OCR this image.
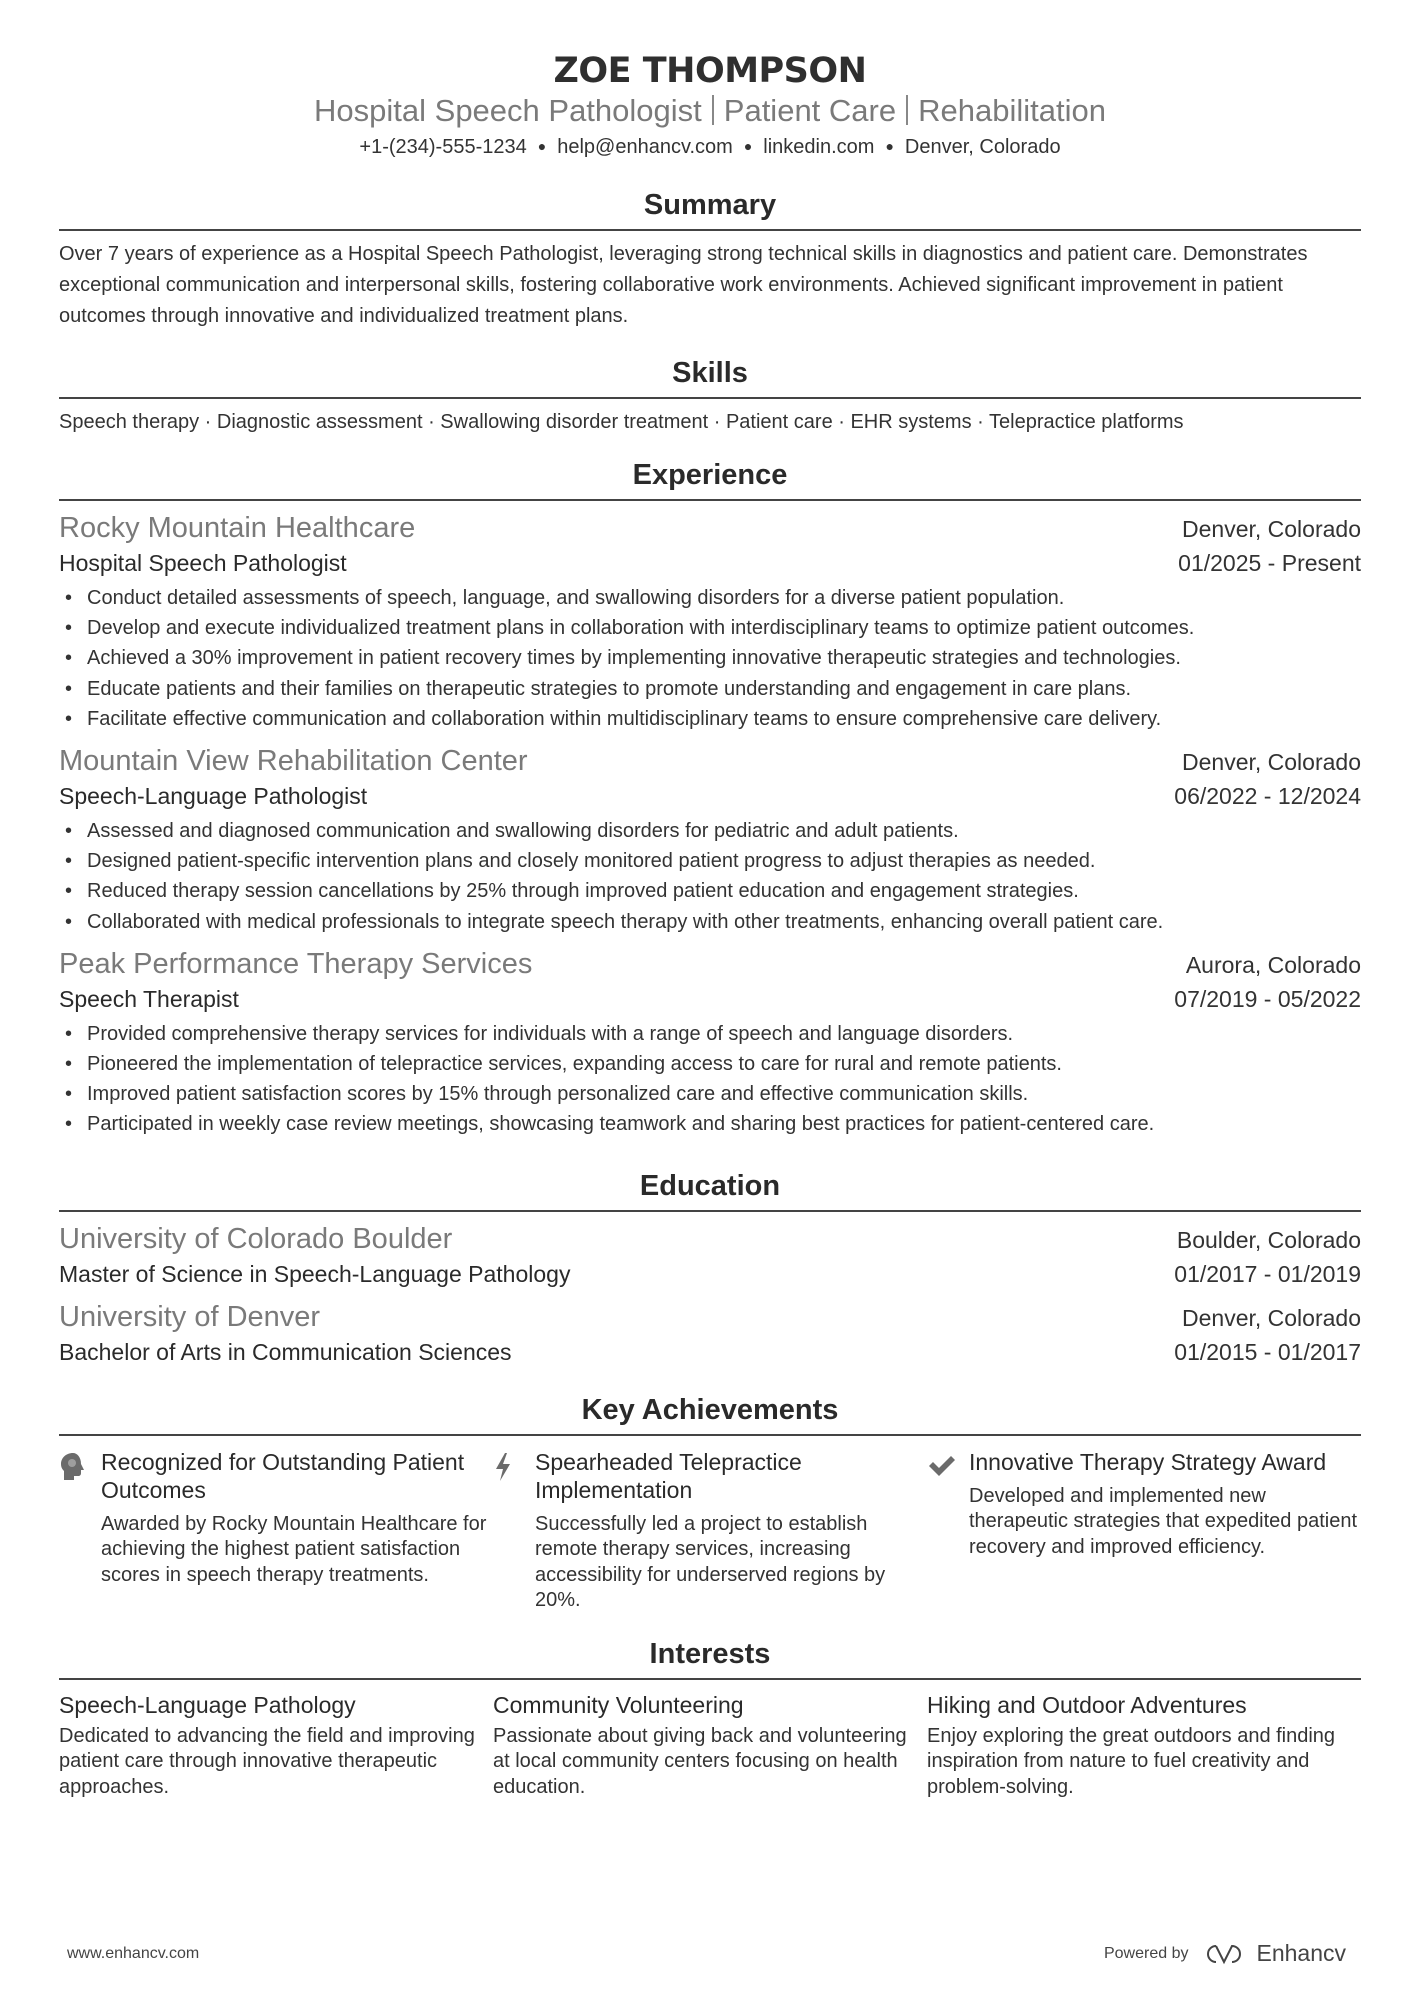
ZOE THOMPSON
Hospital Speech Pathologist Patient Care Rehabilitation
+1-(234)-555-1234 ● help@enhancv.com ● linkedin.com ● Denver, Colorado
Summary

Over 7 years of experience as a Hospital Speech Pathologist, leveraging strong technical skills in diagnostics and patient care. Demonstrates exceptional communication and interpersonal skills, fostering collaborative work environments. Achieved significant improvement in patient outcomes through innovative and individualized treatment plans.

Skills

Speech therapy · Diagnostic assessment · Swallowing disorder treatment · Patient care · EHR systems · Telepractice platforms

Experience
Rocky Mountain Healthcare	Denver, Colorado
Hospital Speech Pathologist	01/2025 - Present
• Conduct detailed assessments of speech, language, and swallowing disorders for a diverse patient population.
• Develop and execute individualized treatment plans in collaboration with interdisciplinary teams to optimize patient outcomes.
• Achieved a 30% improvement in patient recovery times by implementing innovative therapeutic strategies and technologies.
• Educate patients and their families on therapeutic strategies to promote understanding and engagement in care plans.
• Facilitate effective communication and collaboration within multidisciplinary teams to ensure comprehensive care delivery.
Mountain View Rehabilitation Center	Denver, Colorado
Speech-Language Pathologist	06/2022 - 12/2024
• Assessed and diagnosed communication and swallowing disorders for pediatric and adult patients.
• Designed patient-specific intervention plans and closely monitored patient progress to adjust therapies as needed.
• Reduced therapy session cancellations by 25% through improved patient education and engagement strategies.
• Collaborated with medical professionals to integrate speech therapy with other treatments, enhancing overall patient care.
Peak Performance Therapy Services	Aurora, Colorado
Speech Therapist	07/2019 - 05/2022
• Provided comprehensive therapy services for individuals with a range of speech and language disorders.
• Pioneered the implementation of telepractice services, expanding access to care for rural and remote patients.
• Improved patient satisfaction scores by 15% through personalized care and effective communication skills.
• Participated in weekly case review meetings, showcasing teamwork and sharing best practices for patient-centered care.
Education
University of Colorado Boulder	Boulder, Colorado
Master of Science in Speech-Language Pathology	01/2017 - 01/2019
University of Denver	Denver, Colorado
Bachelor of Arts in Communication Sciences	01/2015 - 01/2017
Key Achievements
Recognized for Outstanding Patient Outcomes
Awarded by Rocky Mountain Healthcare for achieving the highest patient satisfaction scores in speech therapy treatments.
Spearheaded Telepractice Implementation
Successfully led a project to establish remote therapy services, increasing accessibility for underserved regions by 20%.
Innovative Therapy Strategy Award
Developed and implemented new therapeutic strategies that expedited patient recovery and improved efficiency.
Interests
Speech-Language Pathology
Dedicated to advancing the field and improving patient care through innovative therapeutic approaches.
Community Volunteering
Passionate about giving back and volunteering at local community centers focusing on health education.
Hiking and Outdoor Adventures
Enjoy exploring the great outdoors and finding inspiration from nature to fuel creativity and problem-solving.
www.enhancv.com	Powered by	Enhancv
